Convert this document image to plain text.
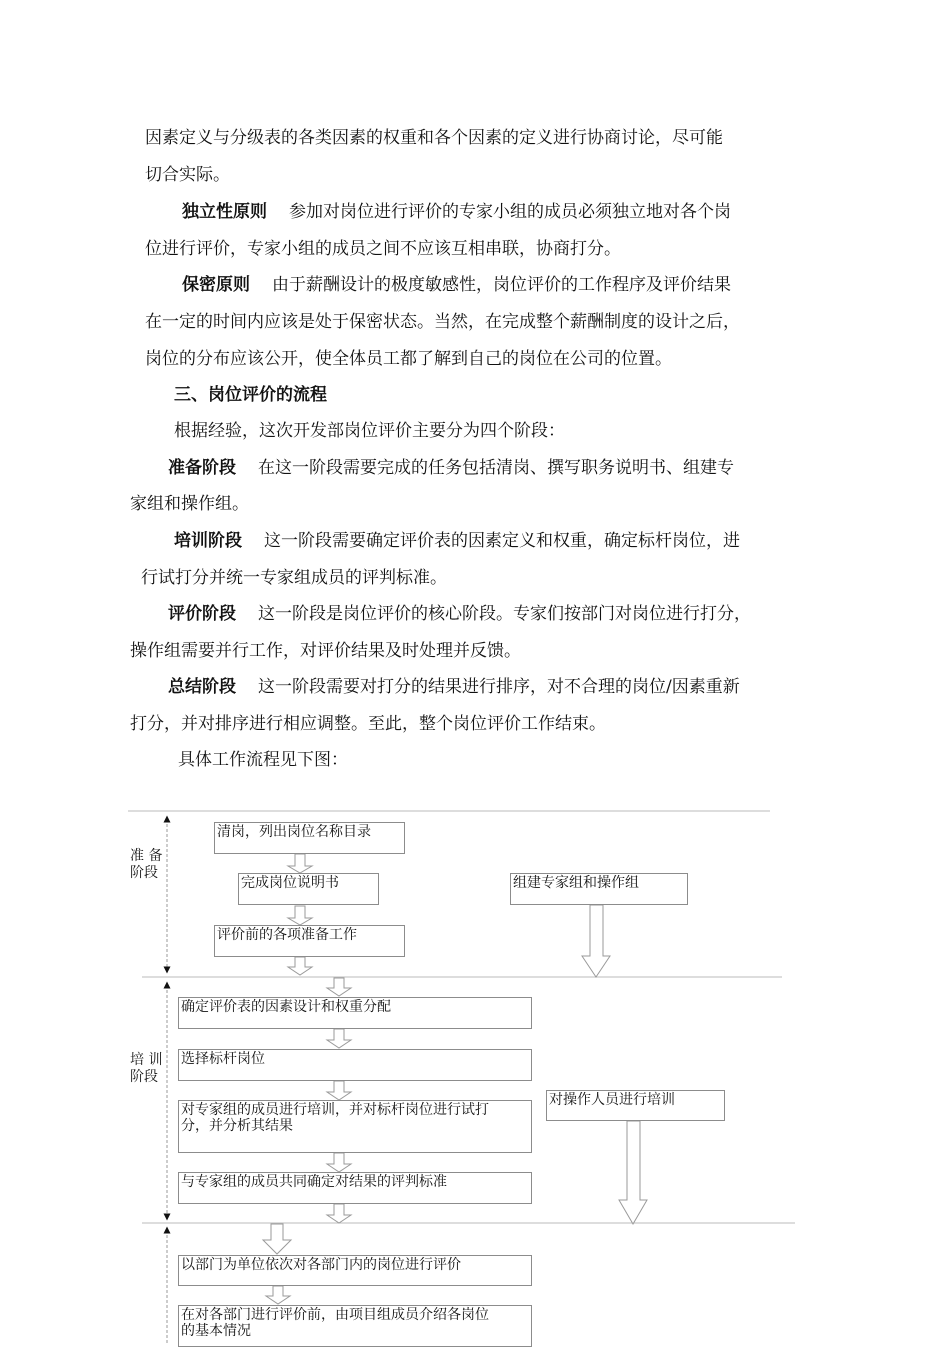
因素定义与分级表的各类因素的权重和各个因素的定义进行协商讨论，尽可能

切合实际。

独立性原则 参加对岗位进行评价的专家小组的成员必须独立地对各个岗

位进行评价，专家小组的成员之间不应该互相串联，协商打分。

保密原则 由于薪酬设计的极度敏感性，岗位评价的工作程序及评价结果

在一定的时间内应该是处于保密状态。当然，在完成整个薪酬制度的设计之后，

岗位的分布应该公开，使全体员工都了解到自己的岗位在公司的位置。

三、岗位评价的流程

根据经验，这次开发部岗位评价主要分为四个阶段：

准备阶段 在这一阶段需要完成的任务包括清岗、撰写职务说明书、组建专

家组和操作组。

培训阶段 这一阶段需要确定评价表的因素定义和权重，确定标杆岗位，进

行试打分并统一专家组成员的评判标准。

评价阶段 这一阶段是岗位评价的核心阶段。专家们按部门对岗位进行打分，

操作组需要并行工作，对评价结果及时处理并反馈。

总结阶段 这一阶段需要对打分的结果进行排序，对不合理的岗位/因素重新

打分，并对排序进行相应调整。至此，整个岗位评价工作结束。

具体工作流程见下图：

准 备
阶段
培 训
阶段
清岗，列出岗位名称目录
完成岗位说明书	组建专家组和操作组
评价前的各项准备工作
确定评价表的因素设计和权重分配
选择标杆岗位
对专家组的成员进行培训，并对标杆岗位进行试打
分，并分析其结果
对操作人员进行培训
与专家组的成员共同确定对结果的评判标准
以部门为单位依次对各部门内的岗位进行评价
在对各部门进行评价前，由项目组成员介绍各岗位
的基本情况
